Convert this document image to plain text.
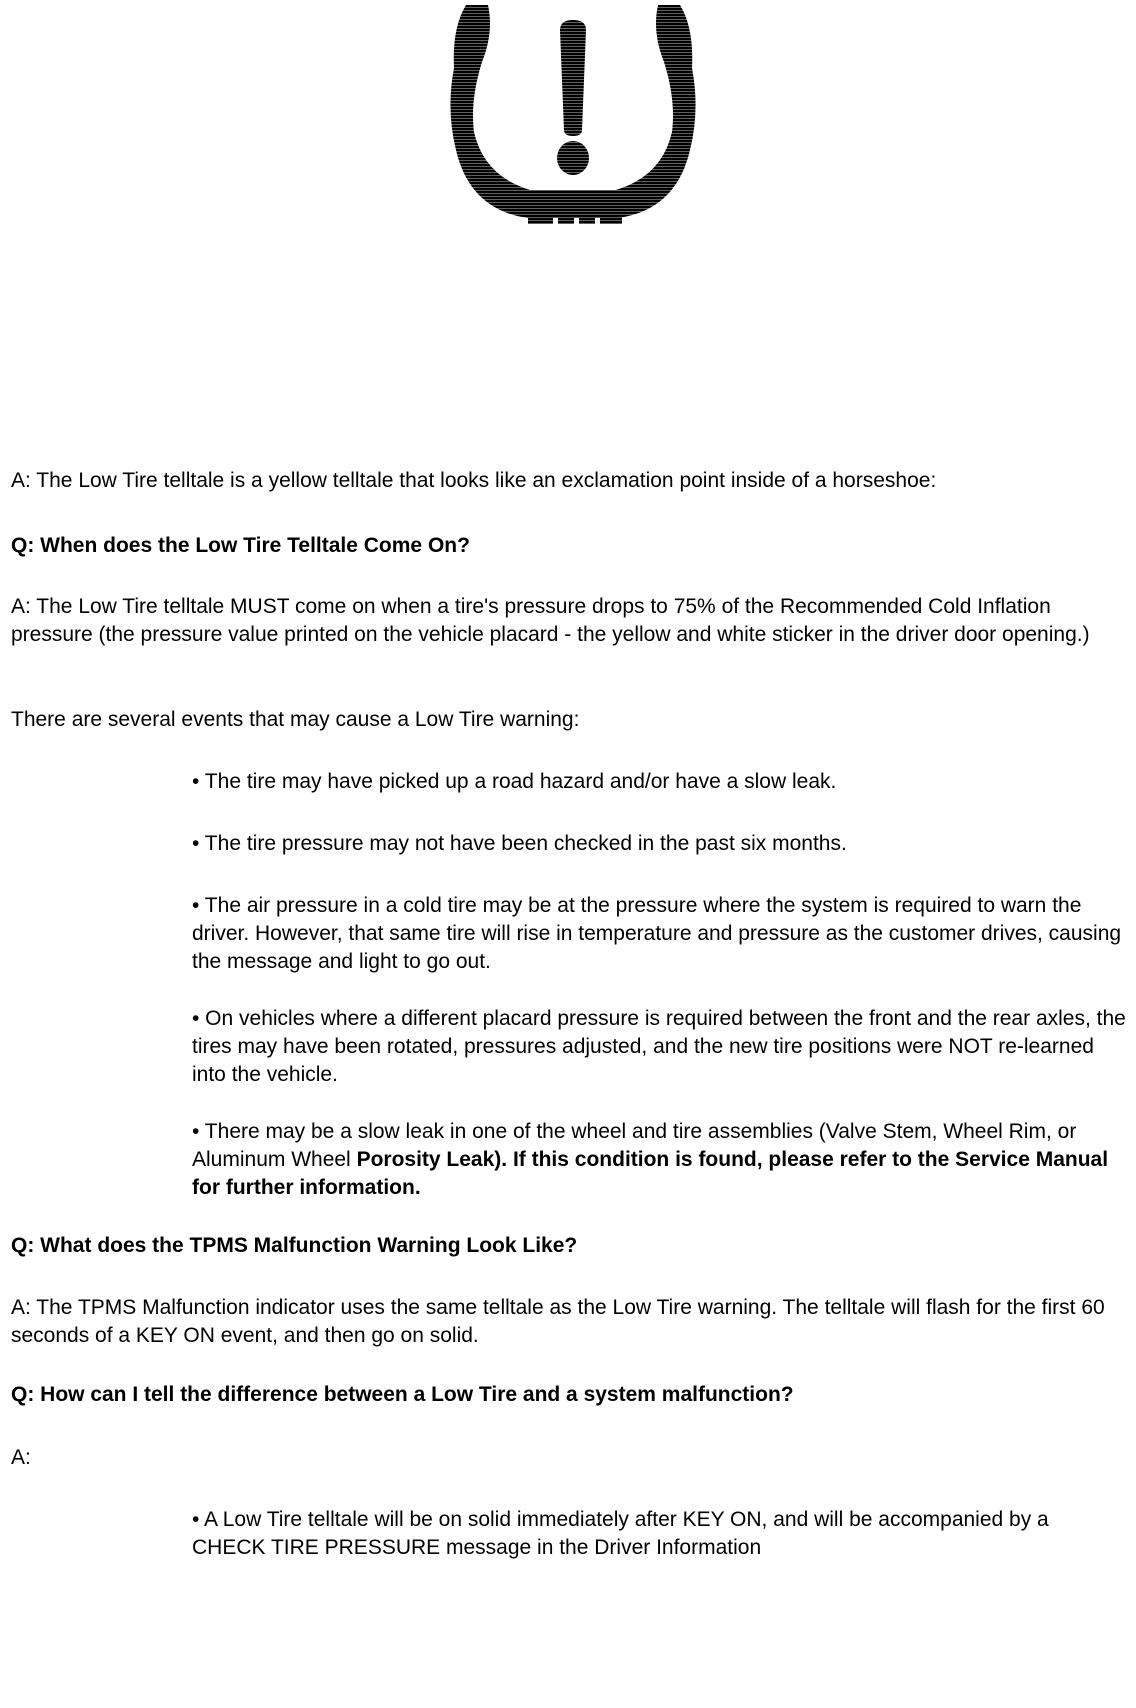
A: The Low Tire telltale is a yellow telltale that looks like an exclamation point inside of a horseshoe:

Q: When does the Low Tire Telltale Come On?

A: The Low Tire telltale MUST come on when a tire's pressure drops to 75% of the Recommended Cold Inflation pressure (the pressure value printed on the vehicle placard - the yellow and white sticker in the driver door opening.)

There are several events that may cause a Low Tire warning:

• The tire may have picked up a road hazard and/or have a slow leak.

• The tire pressure may not have been checked in the past six months.

• The air pressure in a cold tire may be at the pressure where the system is required to warn the driver. However, that same tire will rise in temperature and pressure as the customer drives, causing the message and light to go out.

• On vehicles where a different placard pressure is required between the front and the rear axles, the tires may have been rotated, pressures adjusted, and the new tire positions were NOT re-learned into the vehicle.

• There may be a slow leak in one of the wheel and tire assemblies (Valve Stem, Wheel Rim, or Aluminum Wheel Porosity Leak). If this condition is found, please refer to the Service Manual for further information.

Q: What does the TPMS Malfunction Warning Look Like?

A: The TPMS Malfunction indicator uses the same telltale as the Low Tire warning. The telltale will flash for the first 60 seconds of a KEY ON event, and then go on solid.

Q: How can I tell the difference between a Low Tire and a system malfunction?

A:

• A Low Tire telltale will be on solid immediately after KEY ON, and will be accompanied by a CHECK TIRE PRESSURE message in the Driver Information
